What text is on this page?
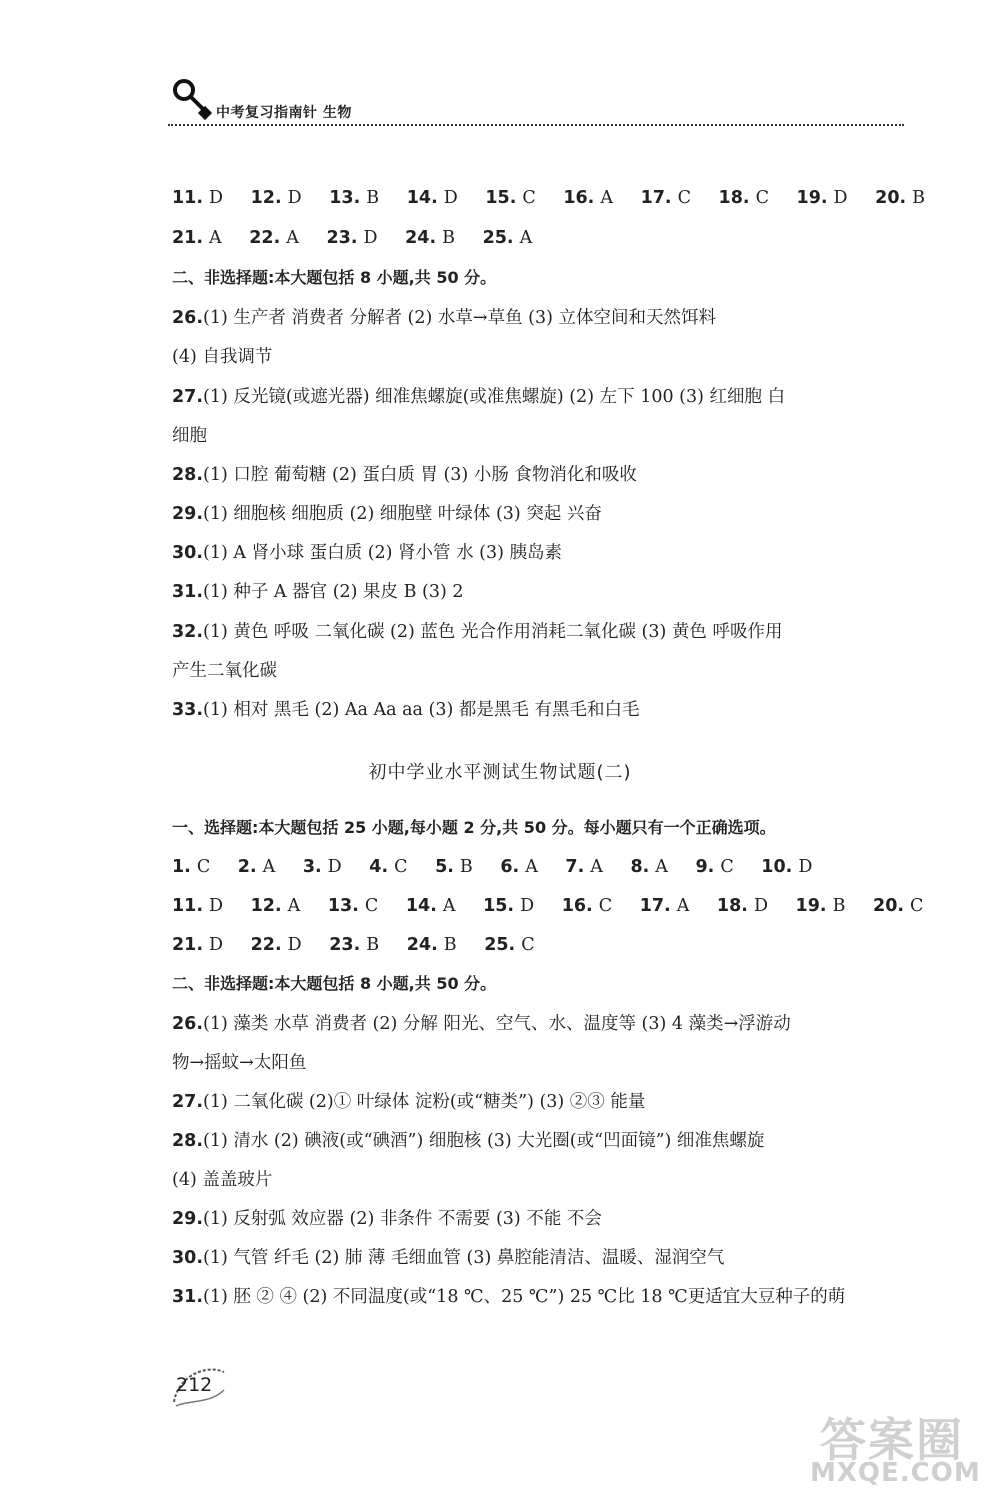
中考复习指南针 生物
11. D 12. D 13. B 14. D 15. C 16. A 17. C 18. C 19. D 20. B
21. A 22. A 23. D 24. B 25. A
二、非选择题:本大题包括 8 小题,共 50 分。
26.(1) 生产者 消费者 分解者 (2) 水草→草鱼 (3) 立体空间和天然饵料
(4) 自我调节
27.(1) 反光镜(或遮光器) 细准焦螺旋(或准焦螺旋) (2) 左下 100 (3) 红细胞 白
细胞
28.(1) 口腔 葡萄糖 (2) 蛋白质 胃 (3) 小肠 食物消化和吸收
29.(1) 细胞核 细胞质 (2) 细胞壁 叶绿体 (3) 突起 兴奋
30.(1) A 肾小球 蛋白质 (2) 肾小管 水 (3) 胰岛素
31.(1) 种子 A 器官 (2) 果皮 B (3) 2
32.(1) 黄色 呼吸 二氧化碳 (2) 蓝色 光合作用消耗二氧化碳 (3) 黄色 呼吸作用
产生二氧化碳
33.(1) 相对 黑毛 (2) Aa Aa aa (3) 都是黑毛 有黑毛和白毛
初中学业水平测试生物试题(二)
一、选择题:本大题包括 25 小题,每小题 2 分,共 50 分。每小题只有一个正确选项。
1. C 2. A 3. D 4. C 5. B 6. A 7. A 8. A 9. C 10. D
11. D 12. A 13. C 14. A 15. D 16. C 17. A 18. D 19. B 20. C
21. D 22. D 23. B 24. B 25. C
二、非选择题:本大题包括 8 小题,共 50 分。
26.(1) 藻类 水草 消费者 (2) 分解 阳光、空气、水、温度等 (3) 4 藻类→浮游动
物→摇蚊→太阳鱼
27.(1) 二氧化碳 (2)① 叶绿体 淀粉(或“糖类”) (3) ②③ 能量
28.(1) 清水 (2) 碘液(或“碘酒”) 细胞核 (3) 大光圈(或“凹面镜”) 细准焦螺旋
(4) 盖盖玻片
29.(1) 反射弧 效应器 (2) 非条件 不需要 (3) 不能 不会
30.(1) 气管 纤毛 (2) 肺 薄 毛细血管 (3) 鼻腔能清洁、温暖、湿润空气
31.(1) 胚 ② ④ (2) 不同温度(或“18 ℃、25 ℃”) 25 ℃比 18 ℃更适宜大豆种子的萌
212
答案圈
MXQE.COM
